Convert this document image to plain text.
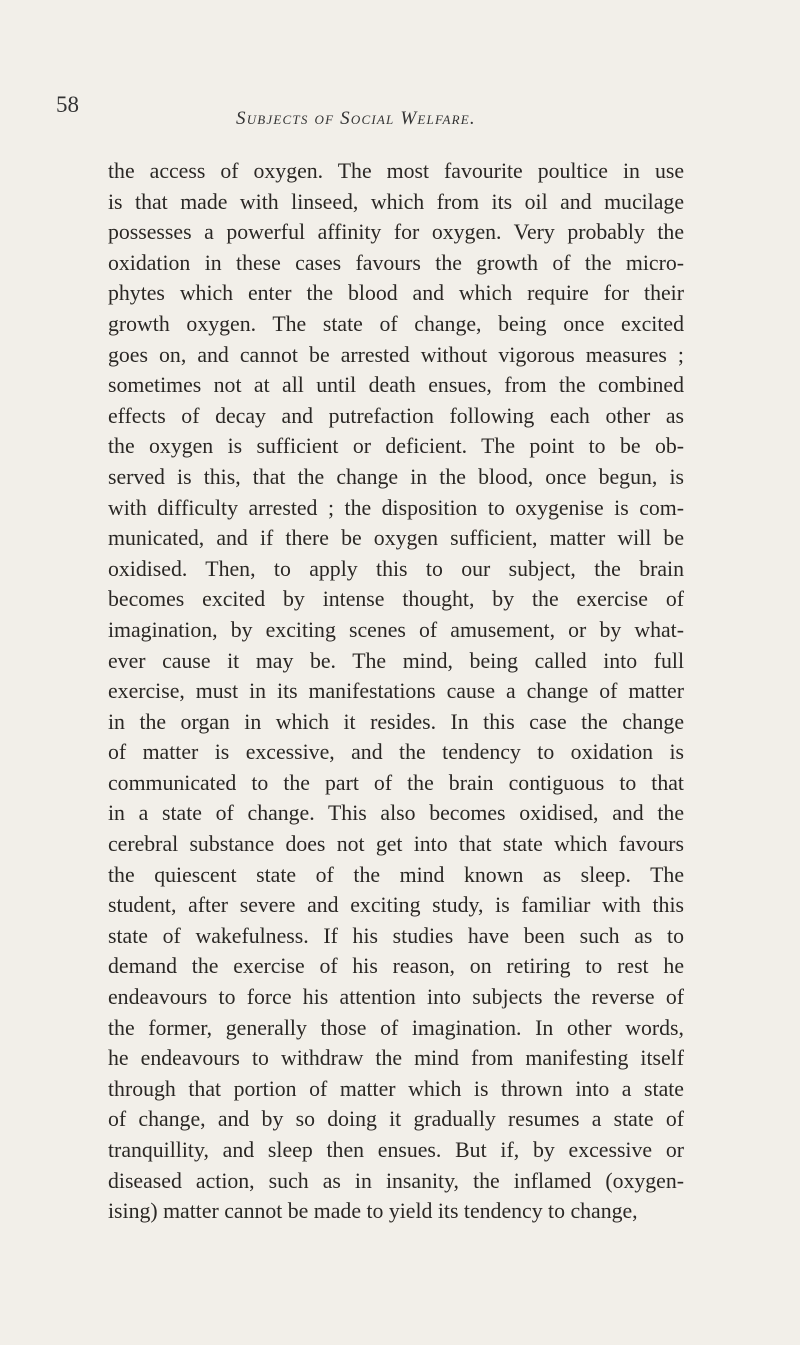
58
Subjects of Social Welfare.
the access of oxygen. The most favourite poultice in use
is that made with linseed, which from its oil and mucilage
possesses a powerful affinity for oxygen. Very probably the
oxidation in these cases favours the growth of the micro-
phytes which enter the blood and which require for their
growth oxygen. The state of change, being once excited
goes on, and cannot be arrested without vigorous measures ;
sometimes not at all until death ensues, from the combined
effects of decay and putrefaction following each other as
the oxygen is sufficient or deficient. The point to be ob-
served is this, that the change in the blood, once begun, is
with difficulty arrested ; the disposition to oxygenise is com-
municated, and if there be oxygen sufficient, matter will be
oxidised. Then, to apply this to our subject, the brain
becomes excited by intense thought, by the exercise of
imagination, by exciting scenes of amusement, or by what-
ever cause it may be. The mind, being called into full
exercise, must in its manifestations cause a change of matter
in the organ in which it resides. In this case the change
of matter is excessive, and the tendency to oxidation is
communicated to the part of the brain contiguous to that
in a state of change. This also becomes oxidised, and the
cerebral substance does not get into that state which favours
the quiescent state of the mind known as sleep. The
student, after severe and exciting study, is familiar with this
state of wakefulness. If his studies have been such as to
demand the exercise of his reason, on retiring to rest he
endeavours to force his attention into subjects the reverse of
the former, generally those of imagination. In other words,
he endeavours to withdraw the mind from manifesting itself
through that portion of matter which is thrown into a state
of change, and by so doing it gradually resumes a state of
tranquillity, and sleep then ensues. But if, by excessive or
diseased action, such as in insanity, the inflamed (oxygen-
ising) matter cannot be made to yield its tendency to change,
